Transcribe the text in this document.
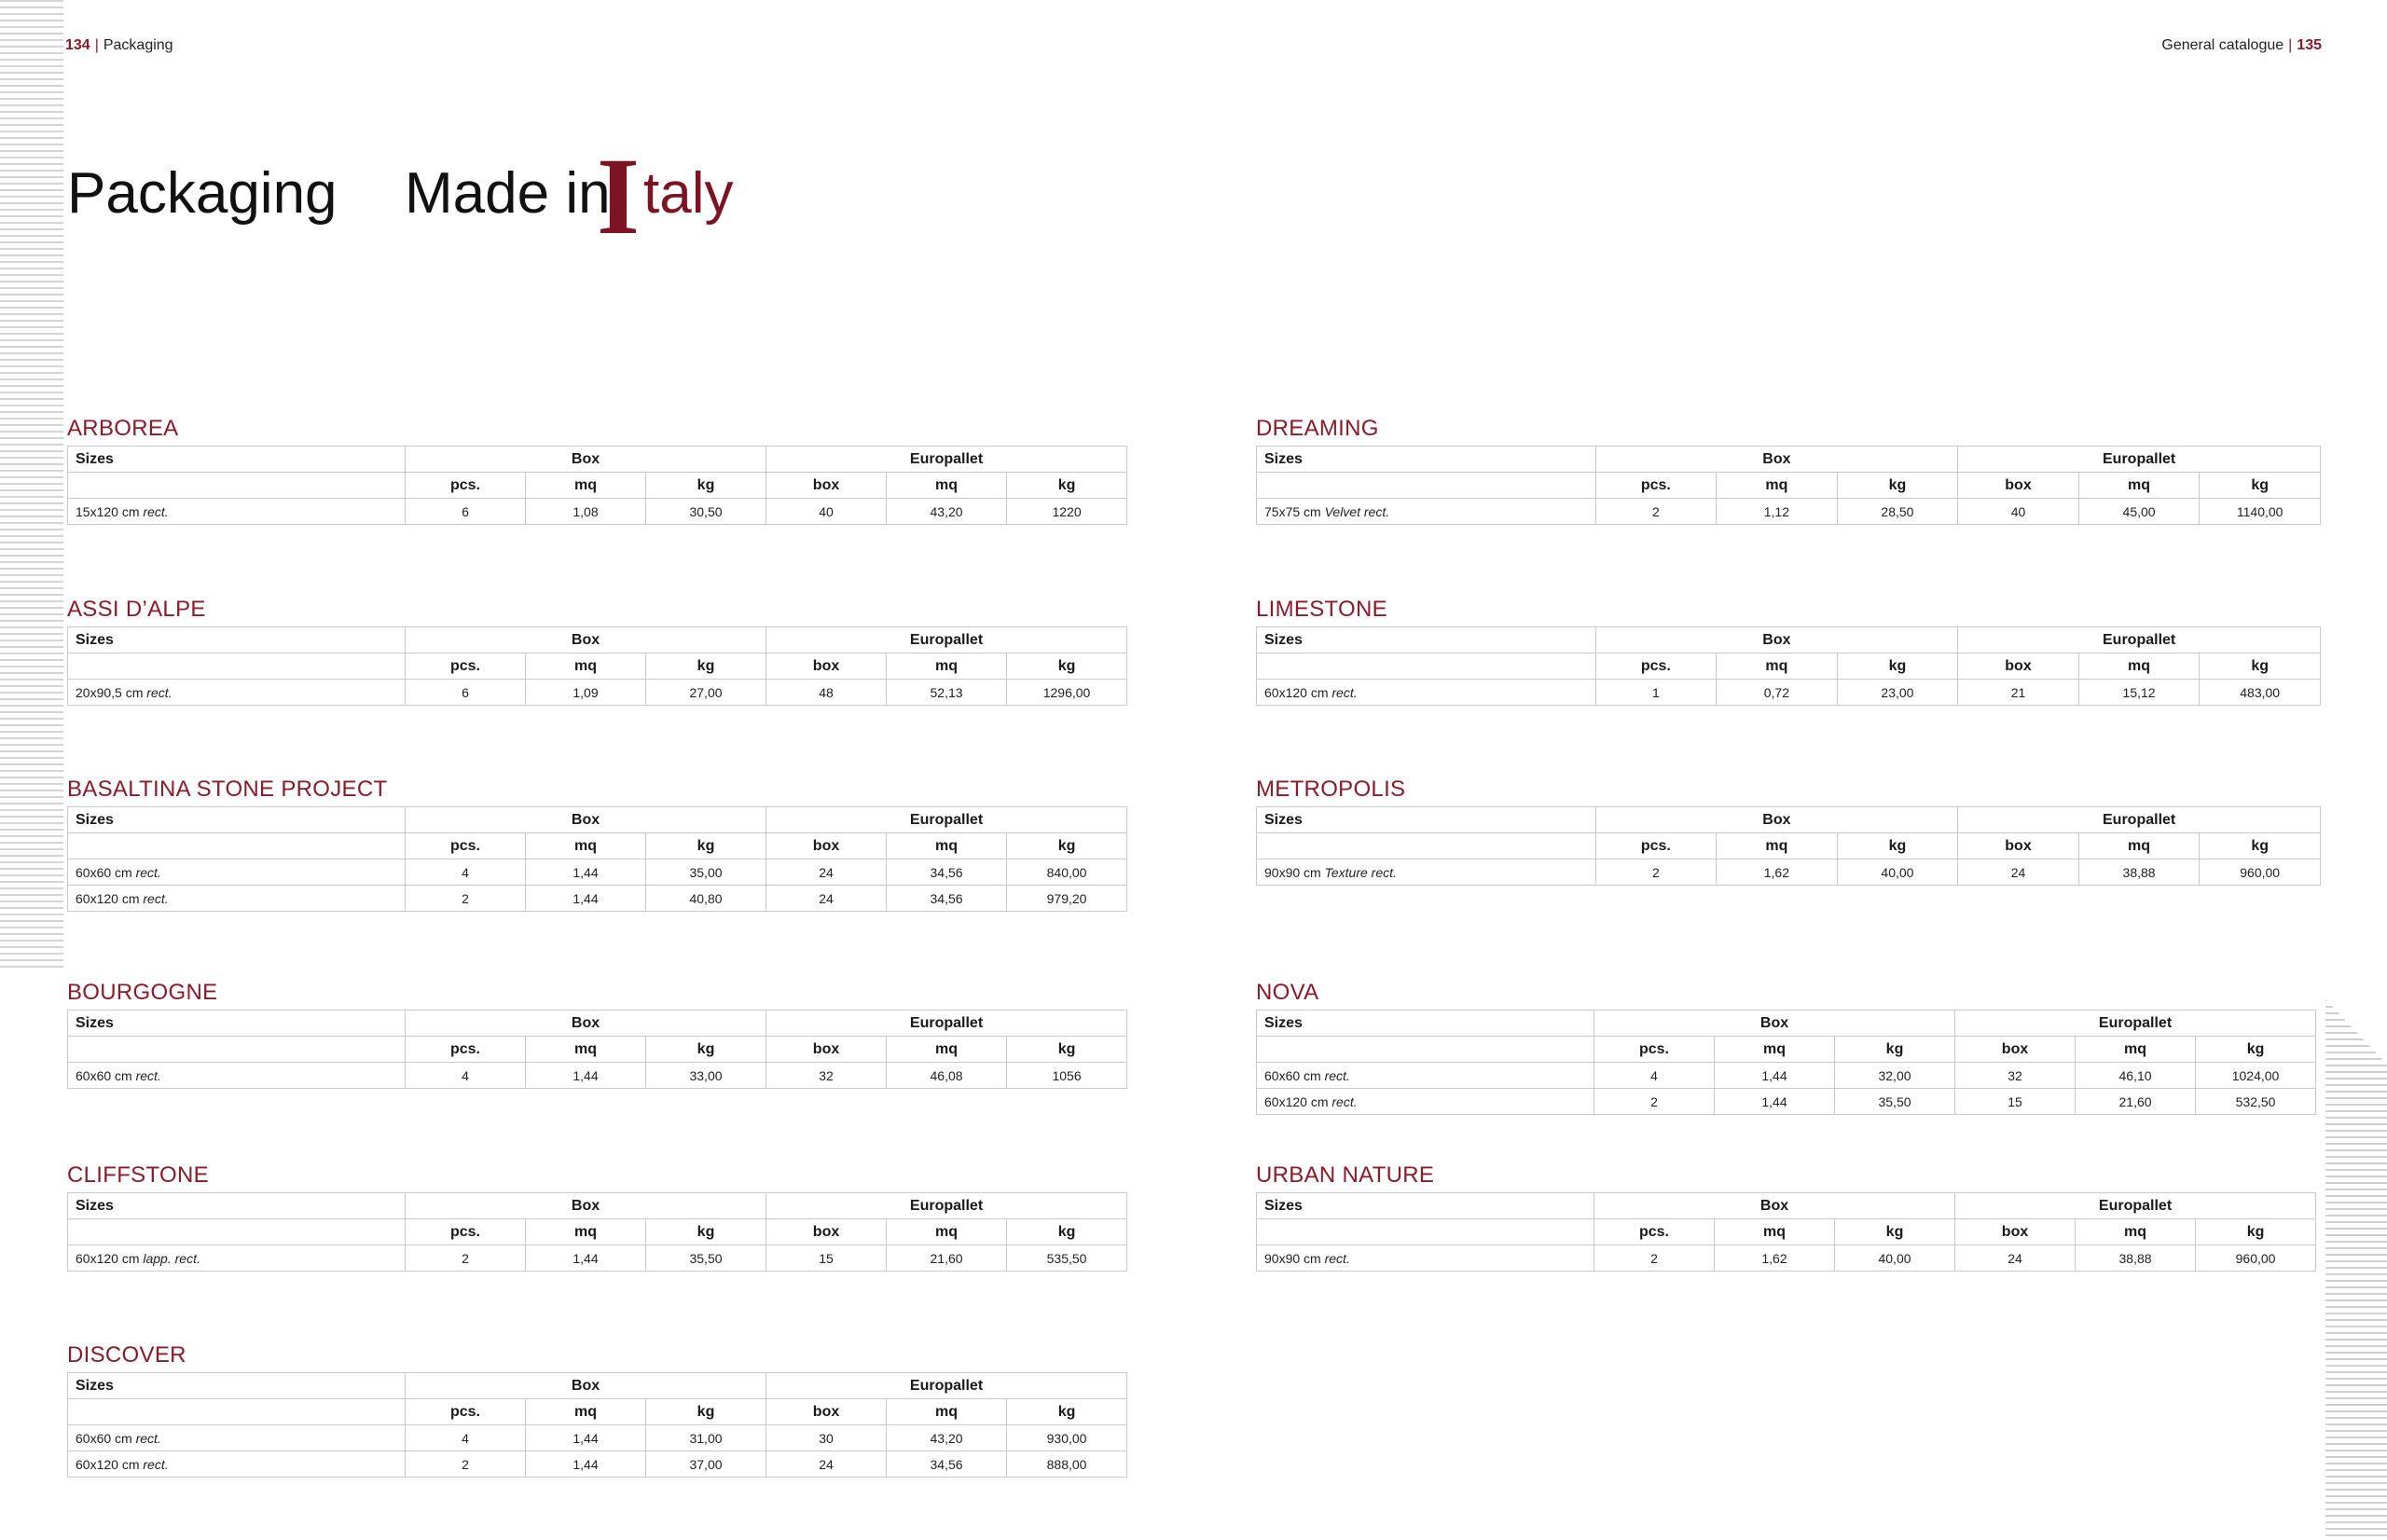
134 | Packaging	General catalogue | 135
Packaging Made in
I taly
ARBOREA
Sizes	Box			Europallet		
	pcs.	mq	kg	box	mq	kg
15x120 cm rect.	6	1,08	30,50	40	43,20	1220
ASSI D’ALPE
Sizes	Box			Europallet		
	pcs.	mq	kg	box	mq	kg
20x90,5 cm rect.	6	1,09	27,00	48	52,13	1296,00
BASALTINA STONE PROJECT
Sizes	Box			Europallet		
	pcs.	mq	kg	box	mq	kg
60x60 cm rect.	4	1,44	35,00	24	34,56	840,00
60x120 cm rect.	2	1,44	40,80	24	34,56	979,20
BOURGOGNE
Sizes	Box			Europallet		
	pcs.	mq	kg	box	mq	kg
60x60 cm rect.	4	1,44	33,00	32	46,08	1056
CLIFFSTONE
Sizes	Box			Europallet		
	pcs.	mq	kg	box	mq	kg
60x120 cm lapp. rect.	2	1,44	35,50	15	21,60	535,50
DISCOVER
Sizes	Box			Europallet		
	pcs.	mq	kg	box	mq	kg
60x60 cm rect.	4	1,44	31,00	30	43,20	930,00
60x120 cm rect.	2	1,44	37,00	24	34,56	888,00
DREAMING
Sizes	Box			Europallet		
	pcs.	mq	kg	box	mq	kg
75x75 cm Velvet rect.	2	1,12	28,50	40	45,00	1140,00
LIMESTONE
Sizes	Box			Europallet		
	pcs.	mq	kg	box	mq	kg
60x120 cm rect.	1	0,72	23,00	21	15,12	483,00
METROPOLIS
Sizes	Box			Europallet		
	pcs.	mq	kg	box	mq	kg
90x90 cm Texture rect.	2	1,62	40,00	24	38,88	960,00
NOVA
Sizes	Box			Europallet		
	pcs.	mq	kg	box	mq	kg
60x60 cm rect.	4	1,44	32,00	32	46,10	1024,00
60x120 cm rect.	2	1,44	35,50	15	21,60	532,50
URBAN NATURE
Sizes	Box			Europallet		
	pcs.	mq	kg	box	mq	kg
90x90 cm rect.	2	1,62	40,00	24	38,88	960,00
